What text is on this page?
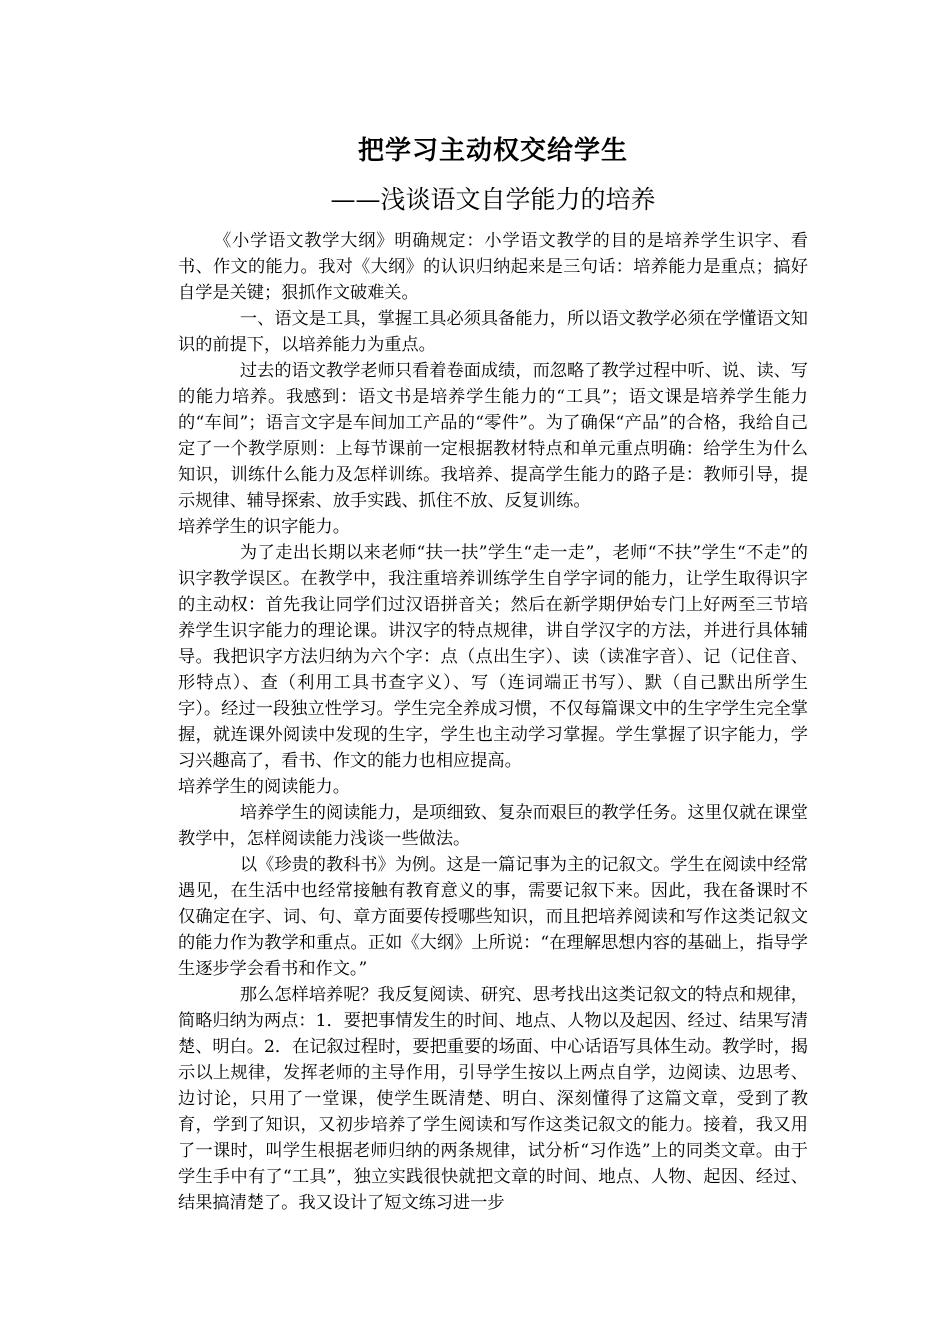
把学习主动权交给学生
——浅谈语文自学能力的培养

《小学语文教学大纲》明确规定：小学语文教学的目的是培养学生识字、看书、作文的能力。我对《大纲》的认识归纳起来是三句话：培养能力是重点；搞好自学是关键；狠抓作文破难关。

一、语文是工具，掌握工具必须具备能力，所以语文教学必须在学懂语文知识的前提下，以培养能力为重点。

过去的语文教学老师只看着卷面成绩，而忽略了教学过程中听、说、读、写的能力培养。我感到：语文书是培养学生能力的“工具”；语文课是培养学生能力的“车间”；语言文字是车间加工产品的“零件”。为了确保“产品”的合格，我给自己定了一个教学原则：上每节课前一定根据教材特点和单元重点明确：给学生为什么知识，训练什么能力及怎样训练。我培养、提高学生能力的路子是：教师引导，提示规律、辅导探索、放手实践、抓住不放、反复训练。

培养学生的识字能力。

为了走出长期以来老师“扶一扶”学生“走一走”，老师“不扶”学生“不走”的识字教学误区。在教学中，我注重培养训练学生自学字词的能力，让学生取得识字的主动权：首先我让同学们过汉语拼音关；然后在新学期伊始专门上好两至三节培养学生识字能力的理论课。讲汉字的特点规律，讲自学汉字的方法，并进行具体辅导。我把识字方法归纳为六个字：点（点出生字）、读（读准字音）、记（记住音、形特点）、查（利用工具书查字义）、写（连词端正书写）、默（自己默出所学生字）。经过一段独立性学习。学生完全养成习惯，不仅每篇课文中的生字学生完全掌握，就连课外阅读中发现的生字，学生也主动学习掌握。学生掌握了识字能力，学习兴趣高了，看书、作文的能力也相应提高。

培养学生的阅读能力。

培养学生的阅读能力，是项细致、复杂而艰巨的教学任务。这里仅就在课堂教学中，怎样阅读能力浅谈一些做法。

以《珍贵的教科书》为例。这是一篇记事为主的记叙文。学生在阅读中经常遇见，在生活中也经常接触有教育意义的事，需要记叙下来。因此，我在备课时不仅确定在字、词、句、章方面要传授哪些知识，而且把培养阅读和写作这类记叙文的能力作为教学和重点。正如《大纲》上所说：“在理解思想内容的基础上，指导学生逐步学会看书和作文。”

那么怎样培养呢？我反复阅读、研究、思考找出这类记叙文的特点和规律，简略归纳为两点：1．要把事情发生的时间、地点、人物以及起因、经过、结果写清楚、明白。2．在记叙过程时，要把重要的场面、中心话语写具体生动。教学时，揭示以上规律，发挥老师的主导作用，引导学生按以上两点自学，边阅读、边思考、边讨论，只用了一堂课，使学生既清楚、明白、深刻懂得了这篇文章，受到了教育，学到了知识，又初步培养了学生阅读和写作这类记叙文的能力。接着，我又用了一课时，叫学生根据老师归纳的两条规律，试分析“习作选”上的同类文章。由于学生手中有了“工具”，独立实践很快就把文章的时间、地点、人物、起因、经过、结果搞清楚了。我又设计了短文练习进一步
